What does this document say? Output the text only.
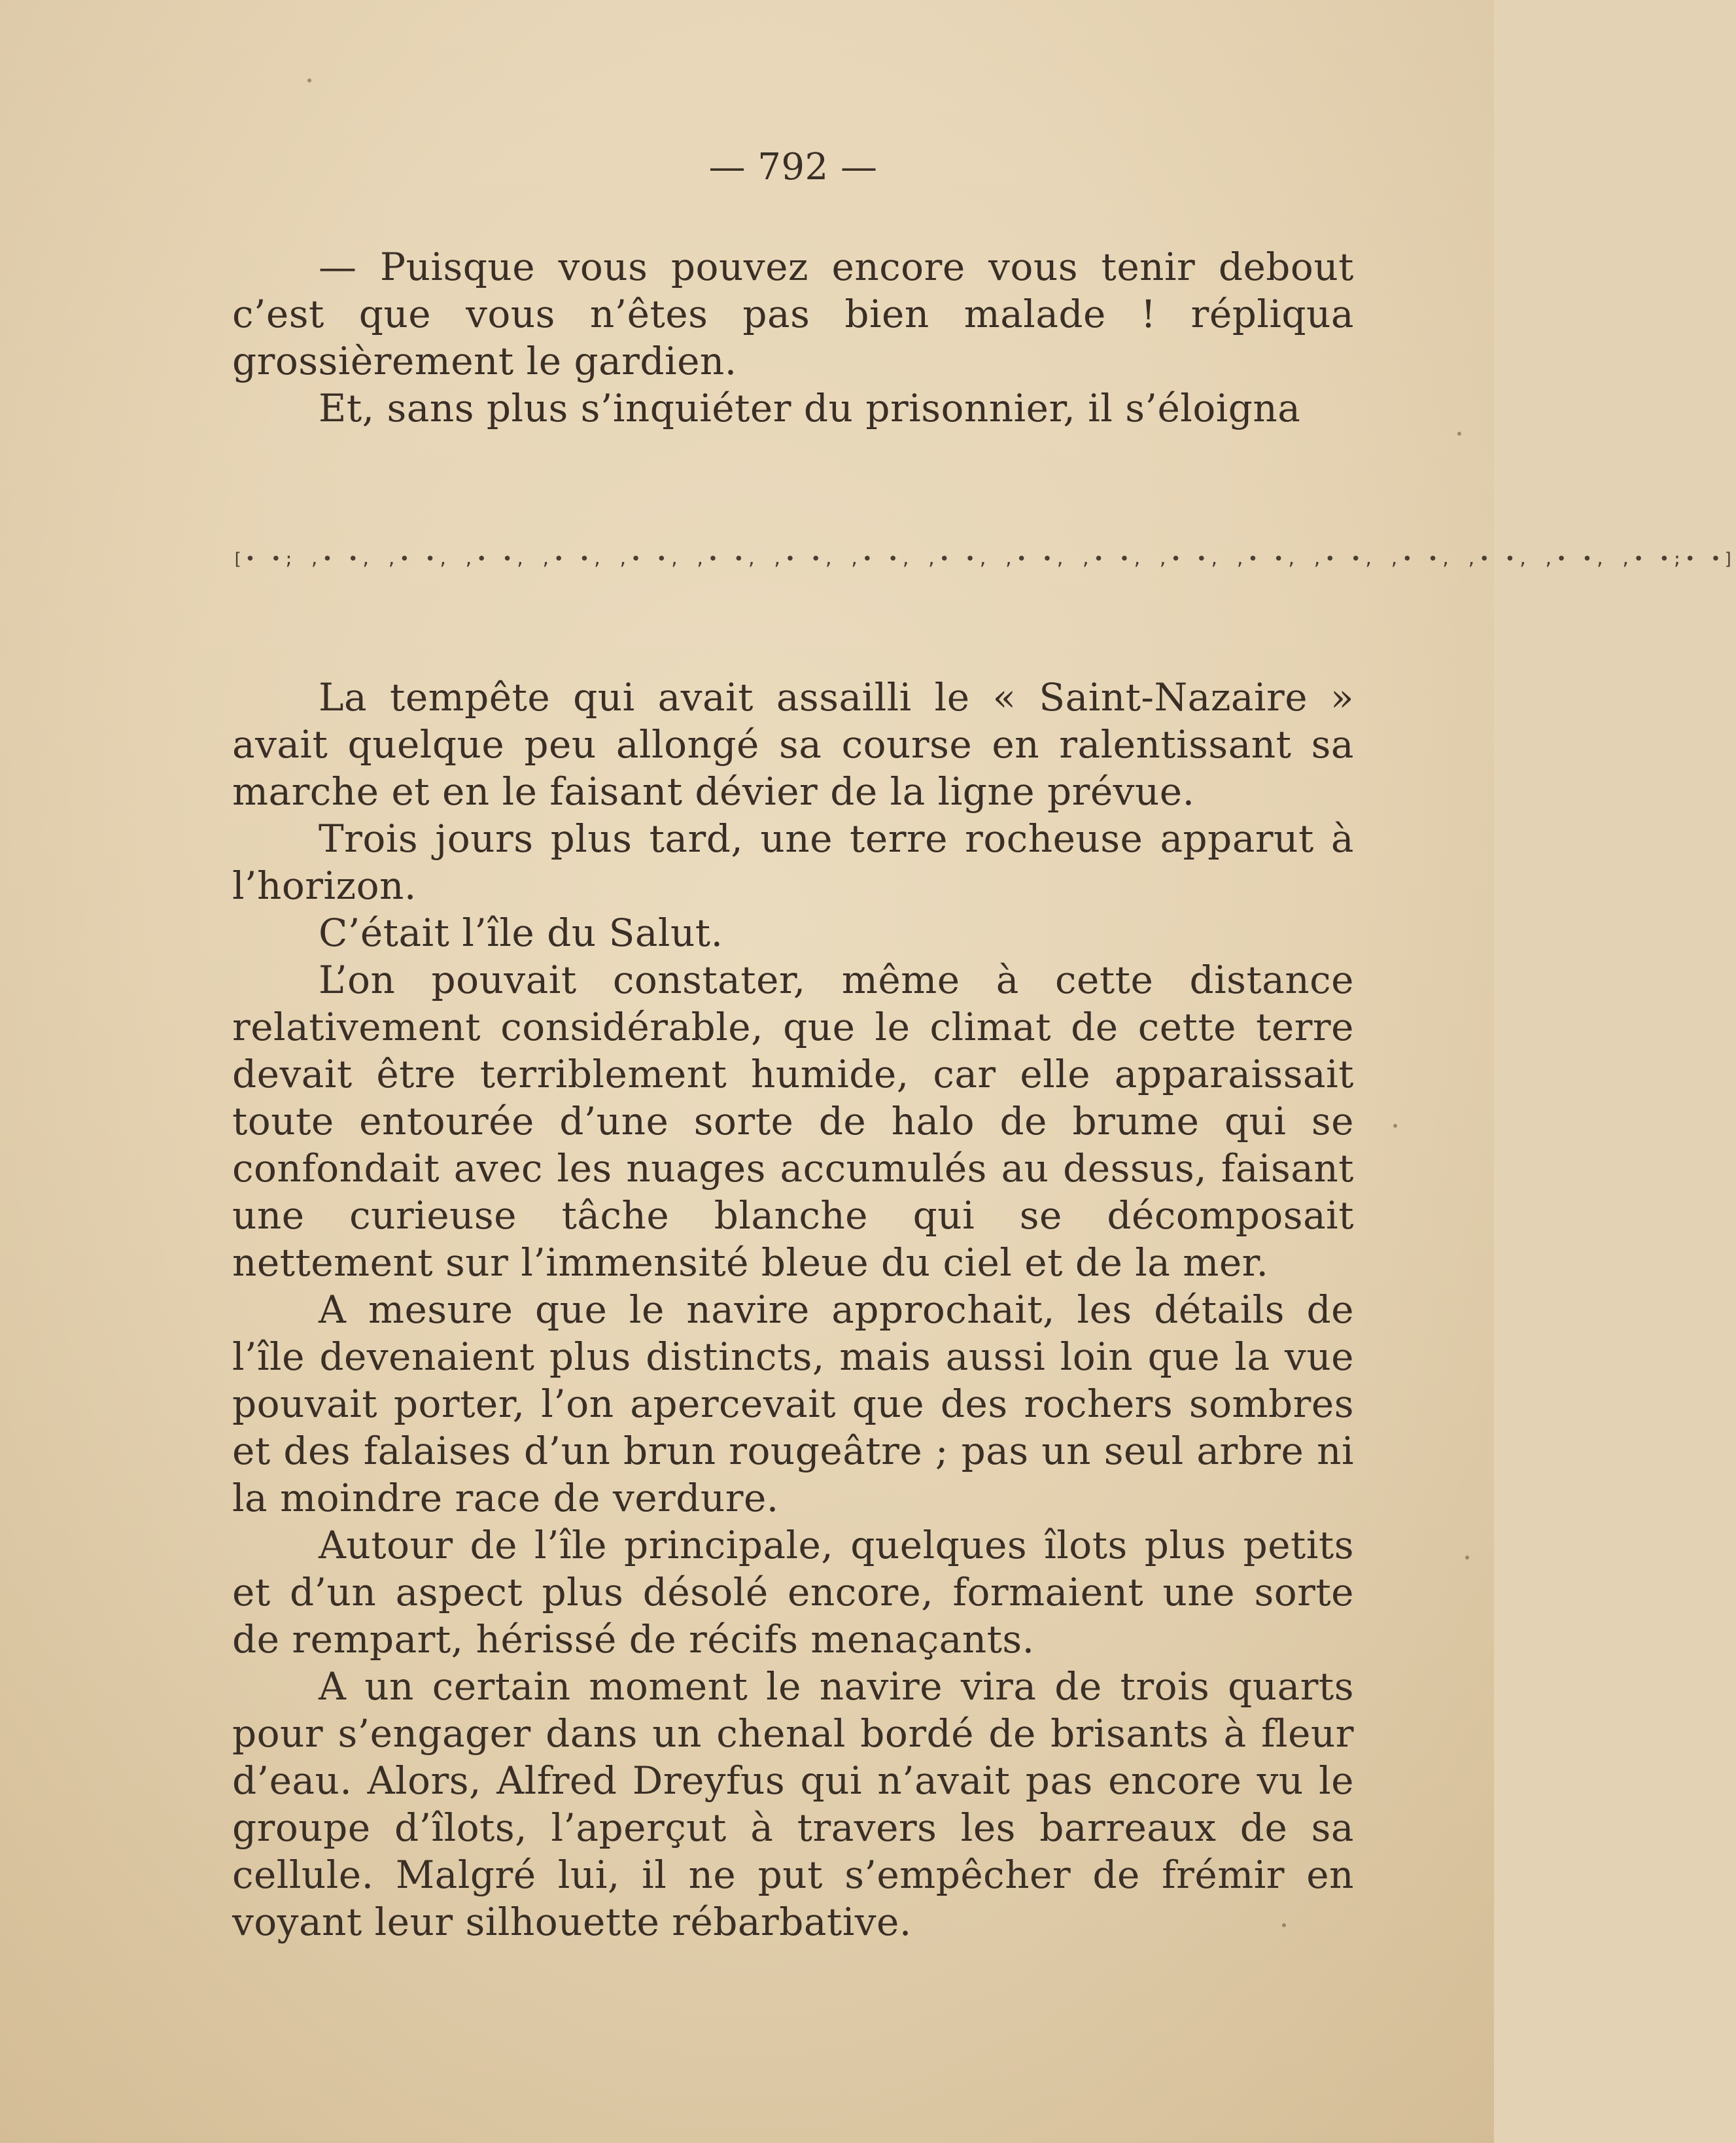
— 792 —

— Puisque vous pouvez encore vous tenir debout c’est que vous n’êtes pas bien malade ! répliqua grossièrement le gardien.

Et, sans plus s’inquiéter du prisonnier, il s’éloigna

[• •; ,• •, ,• •, ,• •, ,• •, ,• •, ,• •, ,• •, ,• •, ,• •, ,• •, ,• •, ,• •, ,• •, ,• •, ,• •, ,• •, ,• •, ,• •;• •]

La tempête qui avait assailli le « Saint-Nazaire » avait quelque peu allongé sa course en ralentissant sa marche et en le faisant dévier de la ligne prévue.

Trois jours plus tard, une terre rocheuse apparut à l’horizon.

C’était l’île du Salut.

L’on pouvait constater, même à cette distance relativement considérable, que le climat de cette terre devait être terriblement humide, car elle apparaissait toute entourée d’une sorte de halo de brume qui se confondait avec les nuages accumulés au dessus, faisant une curieuse tâche blanche qui se décomposait nettement sur l’immensité bleue du ciel et de la mer.

A mesure que le navire approchait, les détails de l’île devenaient plus distincts, mais aussi loin que la vue pouvait porter, l’on apercevait que des rochers sombres et des falaises d’un brun rougeâtre ; pas un seul arbre ni la moindre race de verdure.

Autour de l’île principale, quelques îlots plus petits et d’un aspect plus désolé encore, formaient une sorte de rempart, hérissé de récifs menaçants.

A un certain moment le navire vira de trois quarts pour s’engager dans un chenal bordé de brisants à fleur d’eau. Alors, Alfred Dreyfus qui n’avait pas encore vu le groupe d’îlots, l’aperçut à travers les barreaux de sa cellule. Malgré lui, il ne put s’empêcher de frémir en voyant leur silhouette rébarbative.
